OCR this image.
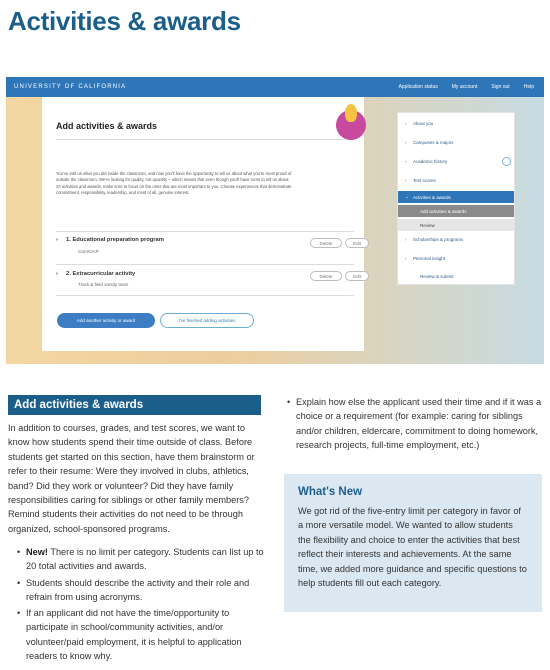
Activities & awards
UNIVERSITY OF CALIFORNIA	Application status	My account	Sign out	Help
Add activities & awards
You've told us what you did inside the classroom, and now you'll have the opportunity to tell us about what you're most proud of outside the classroom. We're looking for quality, not quantity – which means that even though you'll have room to tell us about 20 activities and awards, make sure to focus on the ones that are most important to you. Choose experiences that demonstrate commitment, responsibility, leadership, and most of all, genuine interest.
› 1. Educational preparation program
Cal-SOAP
Delete	Edit
› 2. Extracurricular activity
Track & field varsity team
Delete	Edit
Add another activity or award	I've finished adding activities
›	About you
›	Campuses & majors
›	Academic history
›	Test scores
⌄ Activities & awards
Add activities & awards
Review
›	Scholarships & programs
›	Personal insight
Review & submit
Add activities & awards
In addition to courses, grades, and test scores, we want to know how students spend their time outside of class. Before students get started on this section, have them brainstorm or refer to their resume: Were they involved in clubs, athletics, band? Did they work or volunteer? Did they have family responsibilities caring for siblings or other family members? Remind students their activities do not need to be through organized, school-sponsored programs.
• New! There is no limit per category. Students can list up to 20 total activities and awards.
• Students should describe the activity and their role and refrain from using acronyms.
• If an applicant did not have the time/opportunity to participate in school/community activities, and/or volunteer/paid employment, it is helpful to application readers to know why.
• Explain how else the applicant used their time and if it was a choice or a requirement (for example: caring for siblings and/or children, eldercare, commitment to doing homework, research projects, full-time employment, etc.)
What's New
We got rid of the five-entry limit per category in favor of a more versatile model. We wanted to allow students the flexibility and choice to enter the activities that best reflect their interests and achievements. At the same time, we added more guidance and specific questions to help students fill out each category.
